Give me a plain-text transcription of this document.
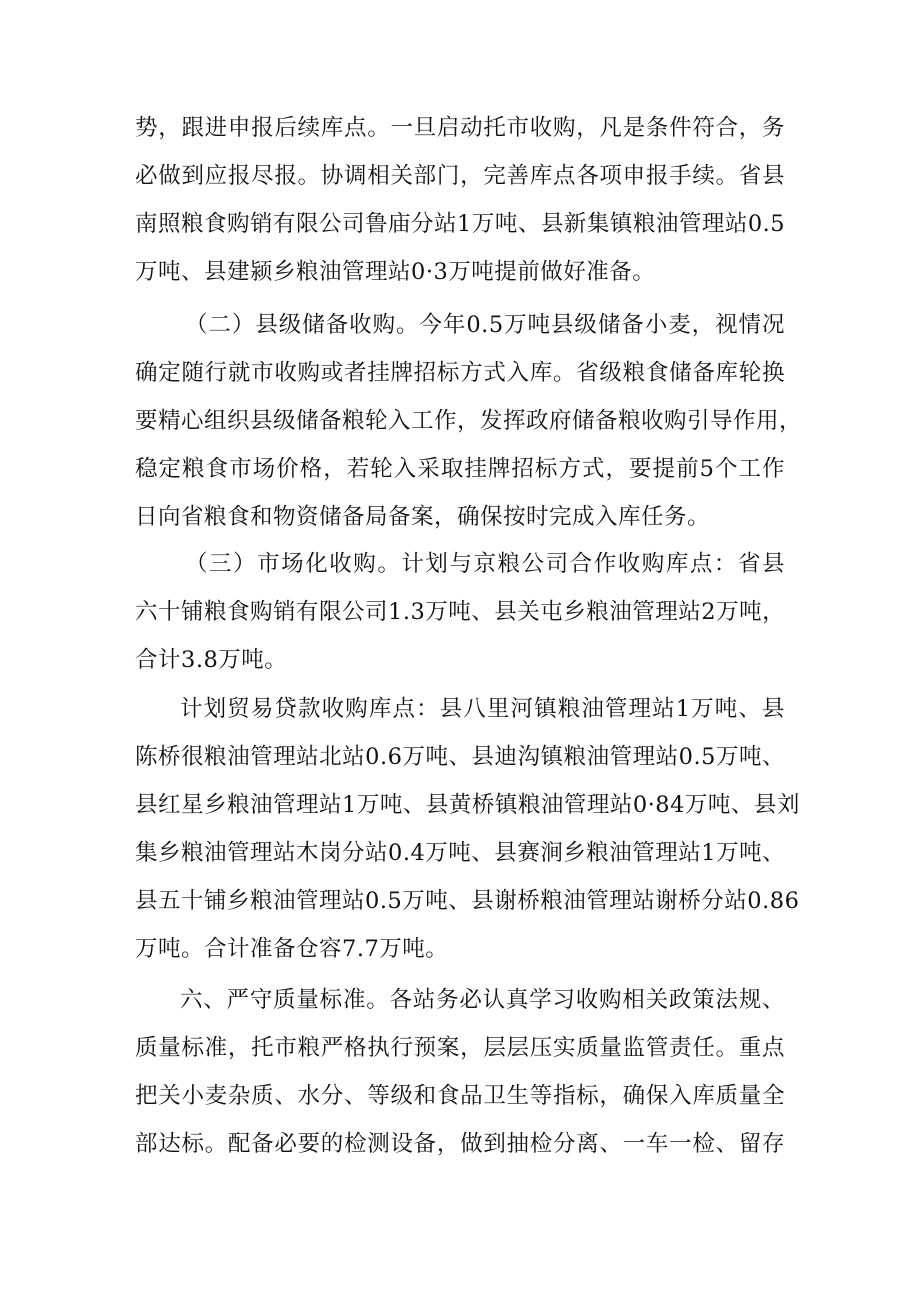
势，跟进申报后续库点。一旦启动托市收购，凡是条件符合，务
必做到应报尽报。协调相关部门，完善库点各项申报手续。省县
南照粮食购销有限公司鲁庙分站1万吨、县新集镇粮油管理站0.5
万吨、县建颍乡粮油管理站0·3万吨提前做好准备。
（二）县级储备收购。今年0.5万吨县级储备小麦，视情况
确定随行就市收购或者挂牌招标方式入库。省级粮食储备库轮换
要精心组织县级储备粮轮入工作，发挥政府储备粮收购引导作用，
稳定粮食市场价格，若轮入采取挂牌招标方式，要提前5个工作
日向省粮食和物资储备局备案，确保按时完成入库任务。
（三）市场化收购。计划与京粮公司合作收购库点：省县
六十铺粮食购销有限公司1.3万吨、县关屯乡粮油管理站2万吨，
合计3.8万吨。
计划贸易贷款收购库点：县八里河镇粮油管理站1万吨、县
陈桥很粮油管理站北站0.6万吨、县迪沟镇粮油管理站0.5万吨、
县红星乡粮油管理站1万吨、县黄桥镇粮油管理站0·84万吨、县刘
集乡粮油管理站木岗分站0.4万吨、县赛涧乡粮油管理站1万吨、
县五十铺乡粮油管理站0.5万吨、县谢桥粮油管理站谢桥分站0.86
万吨。合计准备仓容7.7万吨。
六、严守质量标准。各站务必认真学习收购相关政策法规、
质量标准，托市粮严格执行预案，层层压实质量监管责任。重点
把关小麦杂质、水分、等级和食品卫生等指标，确保入库质量全
部达标。配备必要的检测设备，做到抽检分离、一车一检、留存
